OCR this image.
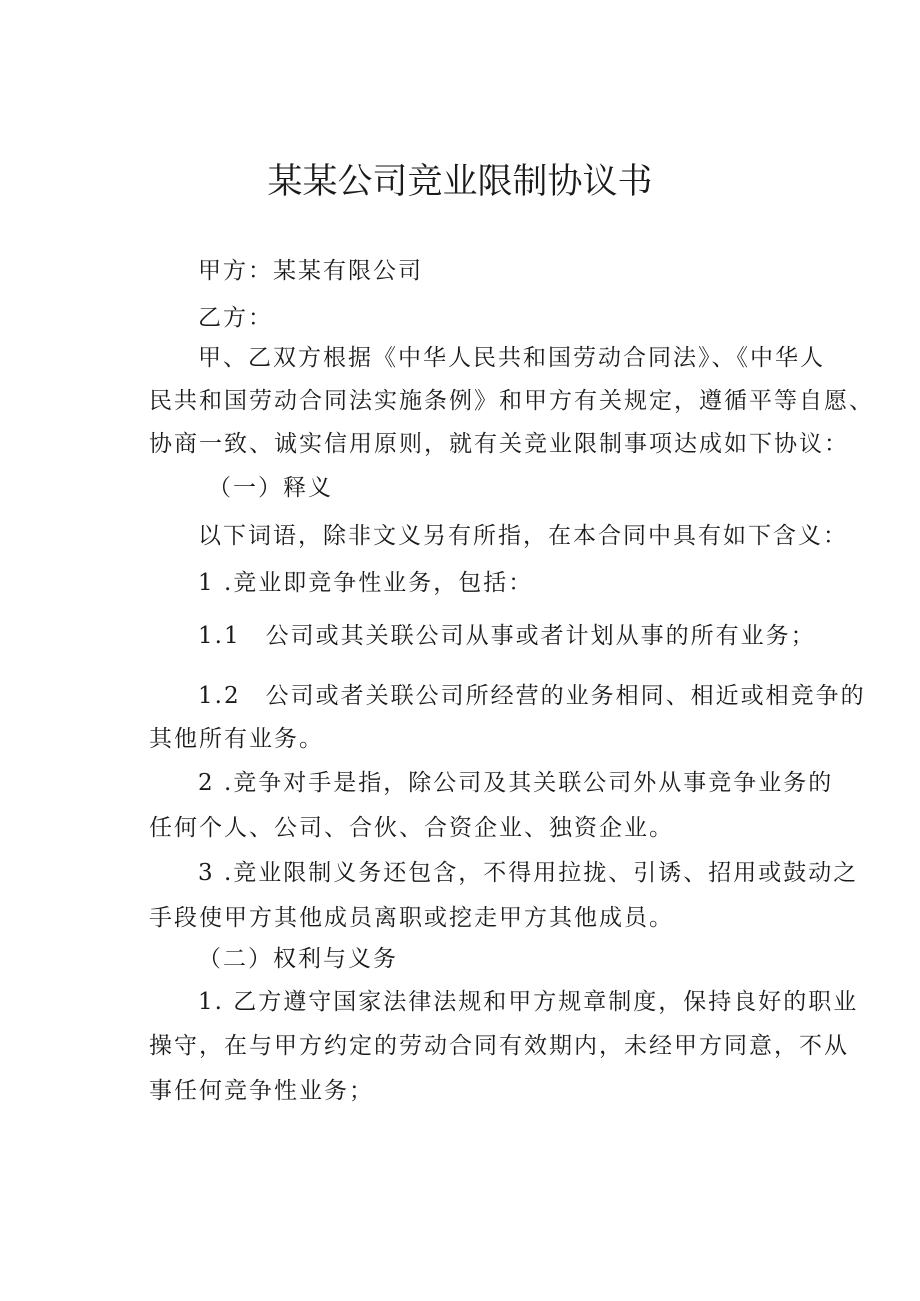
某某公司竞业限制协议书
甲方：某某有限公司
乙方：
甲、乙双方根据《中华人民共和国劳动合同法》、《中华人
民共和国劳动合同法实施条例》和甲方有关规定，遵循平等自愿、
协商一致、诚实信用原则，就有关竞业限制事项达成如下协议：
（一）释义
以下词语，除非文义另有所指，在本合同中具有如下含义：
1 .竞业即竞争性业务，包括：
1.1　公司或其关联公司从事或者计划从事的所有业务；
1.2　公司或者关联公司所经营的业务相同、相近或相竞争的
其他所有业务。
2 .竞争对手是指，除公司及其关联公司外从事竞争业务的
任何个人、公司、合伙、合资企业、独资企业。
3 .竞业限制义务还包含，不得用拉拢、引诱、招用或鼓动之
手段使甲方其他成员离职或挖走甲方其他成员。
（二）权利与义务
1. 乙方遵守国家法律法规和甲方规章制度，保持良好的职业
操守，在与甲方约定的劳动合同有效期内，未经甲方同意，不从
事任何竞争性业务；
